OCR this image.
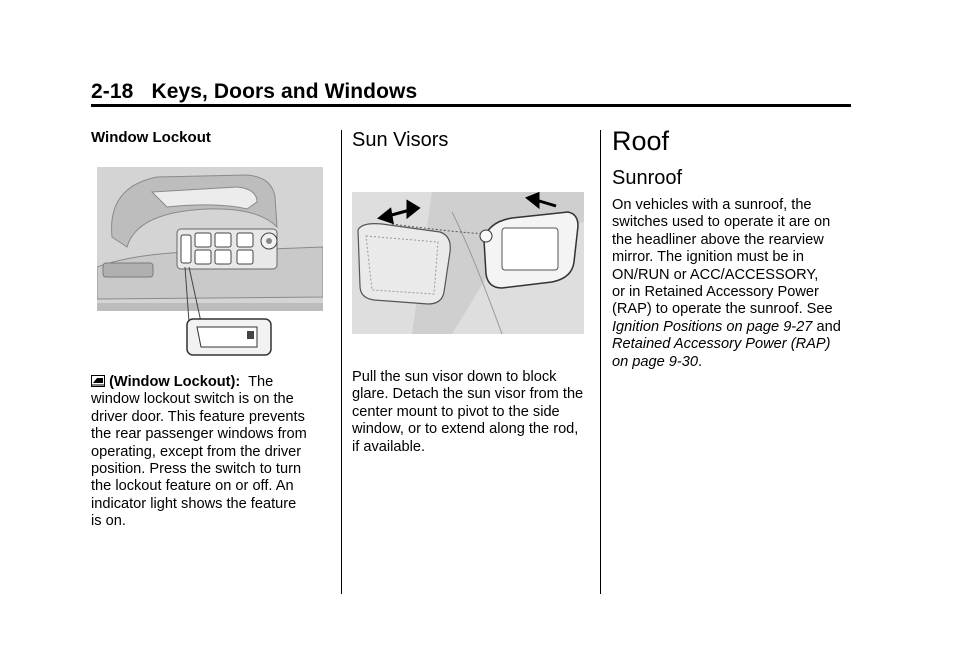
2-18 Keys, Doors and Windows
Window Lockout
(Window Lockout): The
window lockout switch is on the
driver door. This feature prevents
the rear passenger windows from
operating, except from the driver
position. Press the switch to turn
the lockout feature on or off. An
indicator light shows the feature
is on.
Sun Visors
Pull the sun visor down to block
glare. Detach the sun visor from the
center mount to pivot to the side
window, or to extend along the rod,
if available.
Roof
Sunroof
On vehicles with a sunroof, the
switches used to operate it are on
the headliner above the rearview
mirror. The ignition must be in
ON/RUN or ACC/ACCESSORY,
or in Retained Accessory Power
(RAP) to operate the sunroof. See
Ignition Positions on page 9‑27 and
Retained Accessory Power (RAP)
on page 9‑30.
